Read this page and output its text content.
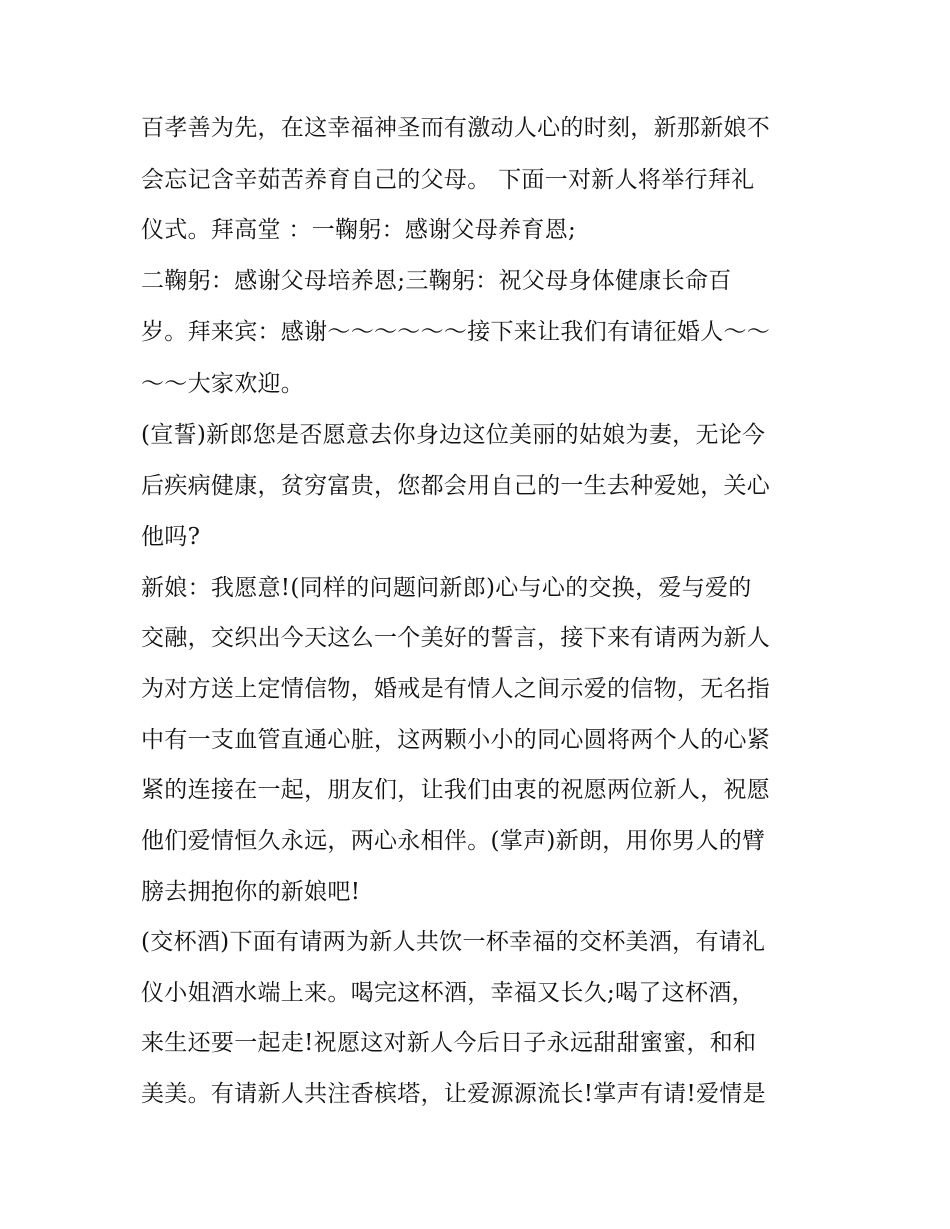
百孝善为先，在这幸福神圣而有激动人心的时刻，新那新娘不
会忘记含辛茹苦养育自己的父母。 下面一对新人将举行拜礼
仪式。拜高堂 ：一鞠躬：感谢父母养育恩;
二鞠躬：感谢父母培养恩;三鞠躬：祝父母身体健康长命百
岁。拜来宾：感谢～～～～～～接下来让我们有请征婚人～～
～～大家欢迎。
(宣誓)新郎您是否愿意去你身边这位美丽的姑娘为妻，无论今
后疾病健康，贫穷富贵，您都会用自己的一生去种爱她，关心
他吗?
新娘：我愿意!(同样的问题问新郎)心与心的交换，爱与爱的
交融，交织出今天这么一个美好的誓言，接下来有请两为新人
为对方送上定情信物，婚戒是有情人之间示爱的信物，无名指
中有一支血管直通心脏，这两颗小小的同心圆将两个人的心紧
紧的连接在一起，朋友们，让我们由衷的祝愿两位新人，祝愿
他们爱情恒久永远，两心永相伴。(掌声)新朗，用你男人的臂
膀去拥抱你的新娘吧!
(交杯酒)下面有请两为新人共饮一杯幸福的交杯美酒，有请礼
仪小姐酒水端上来。喝完这杯酒，幸福又长久;喝了这杯酒，
来生还要一起走!祝愿这对新人今后日子永远甜甜蜜蜜，和和
美美。有请新人共注香槟塔，让爱源源流长!掌声有请!爱情是
